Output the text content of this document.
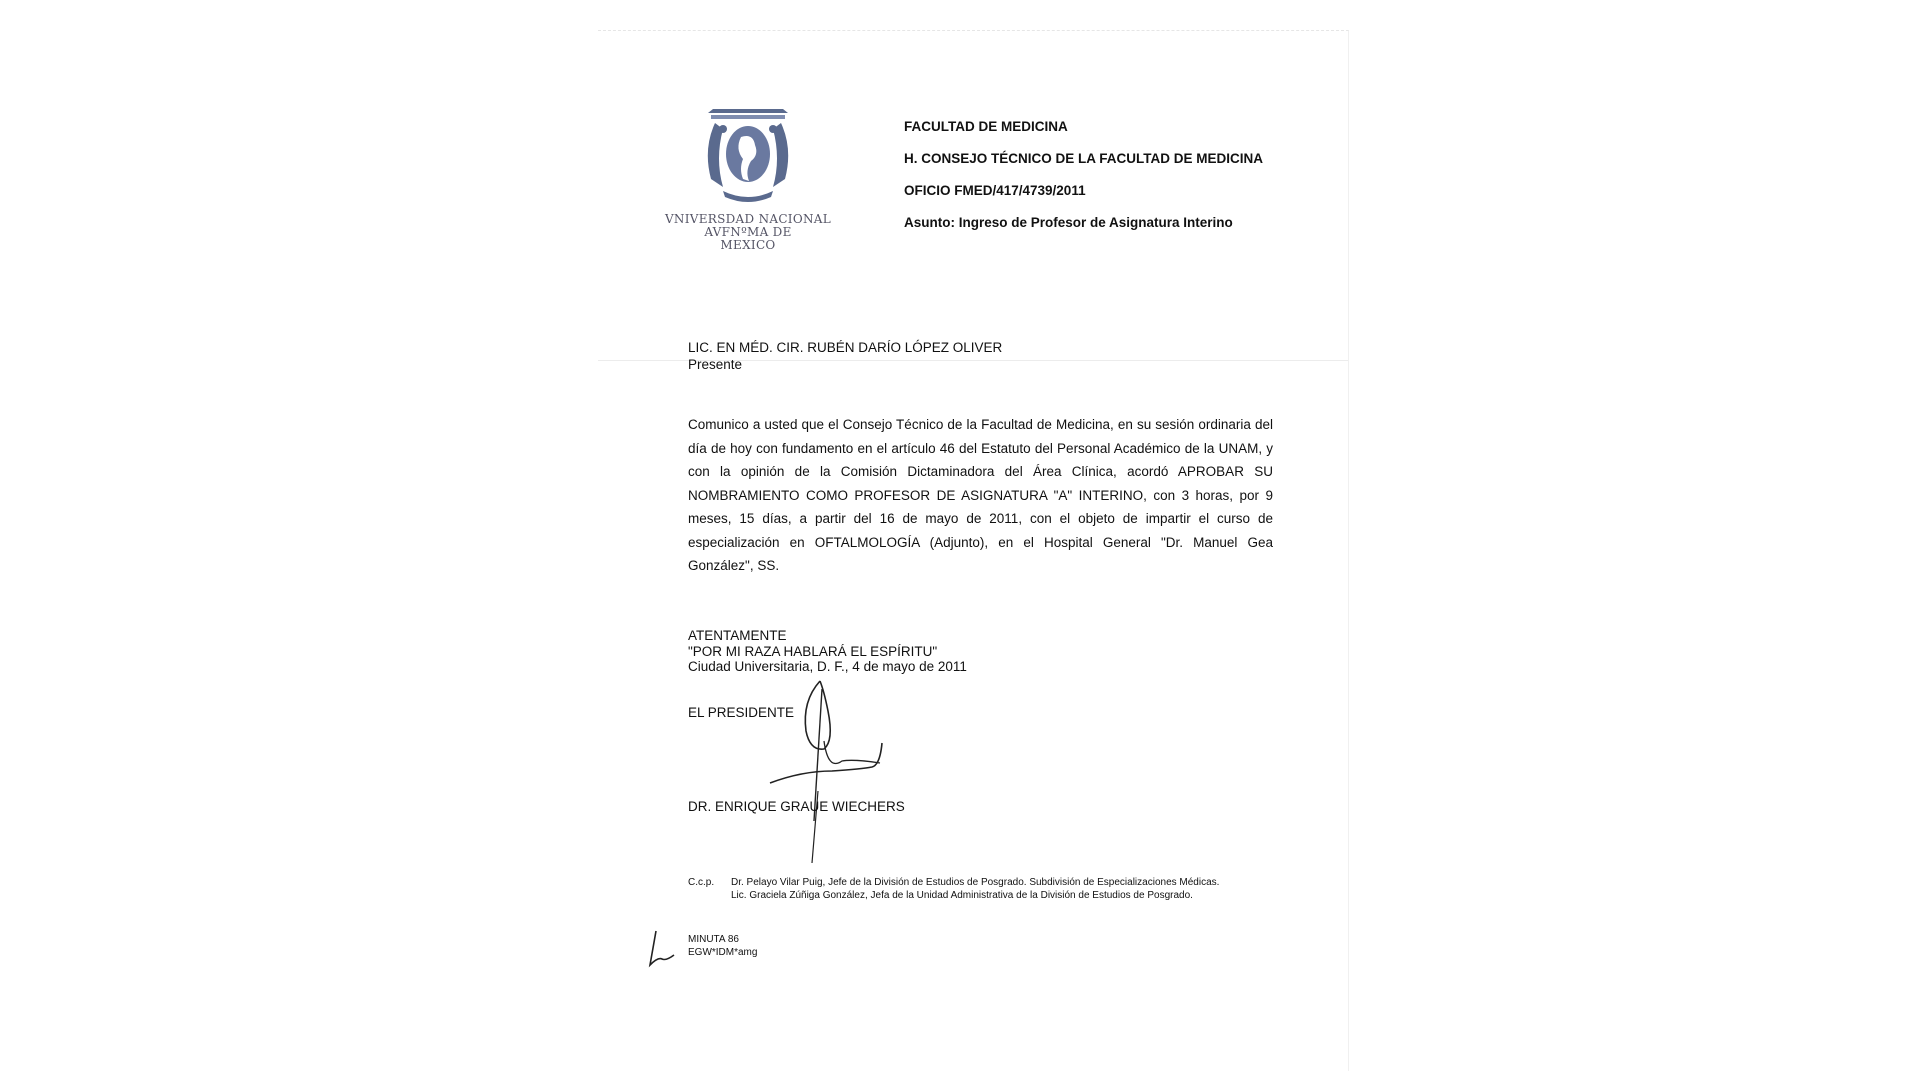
VNIVERSDAD NACIONAL
AVFNºMA DE
MEXICO
FACULTAD DE MEDICINA
H. CONSEJO TÉCNICO DE LA FACULTAD DE MEDICINA
OFICIO FMED/417/4739/2011
Asunto: Ingreso de Profesor de Asignatura Interino
LIC. EN MÉD. CIR. RUBÉN DARÍO LÓPEZ OLIVER
Presente
Comunico a usted que el Consejo Técnico de la Facultad de Medicina, en su sesión ordinaria del día de hoy con fundamento en el artículo 46 del Estatuto del Personal Académico de la UNAM, y con la opinión de la Comisión Dictaminadora del Área Clínica, acordó APROBAR SU NOMBRAMIENTO COMO PROFESOR DE ASIGNATURA "A" INTERINO, con 3 horas, por 9 meses, 15 días, a partir del 16 de mayo de 2011, con el objeto de impartir el curso de especialización en OFTALMOLOGÍA (Adjunto), en el Hospital General "Dr. Manuel Gea González", SS.
ATENTAMENTE
"POR MI RAZA HABLARÁ EL ESPÍRITU"
Ciudad Universitaria, D. F., 4 de mayo de 2011
EL PRESIDENTE
DR. ENRIQUE GRAUE WIECHERS
C.c.p.	Dr. Pelayo Vilar Puig, Jefe de la División de Estudios de Posgrado. Subdivisión de Especializaciones Médicas.
Lic. Graciela Zúñiga González, Jefa de la Unidad Administrativa de la División de Estudios de Posgrado.
MINUTA 86
EGW*IDM*amg
